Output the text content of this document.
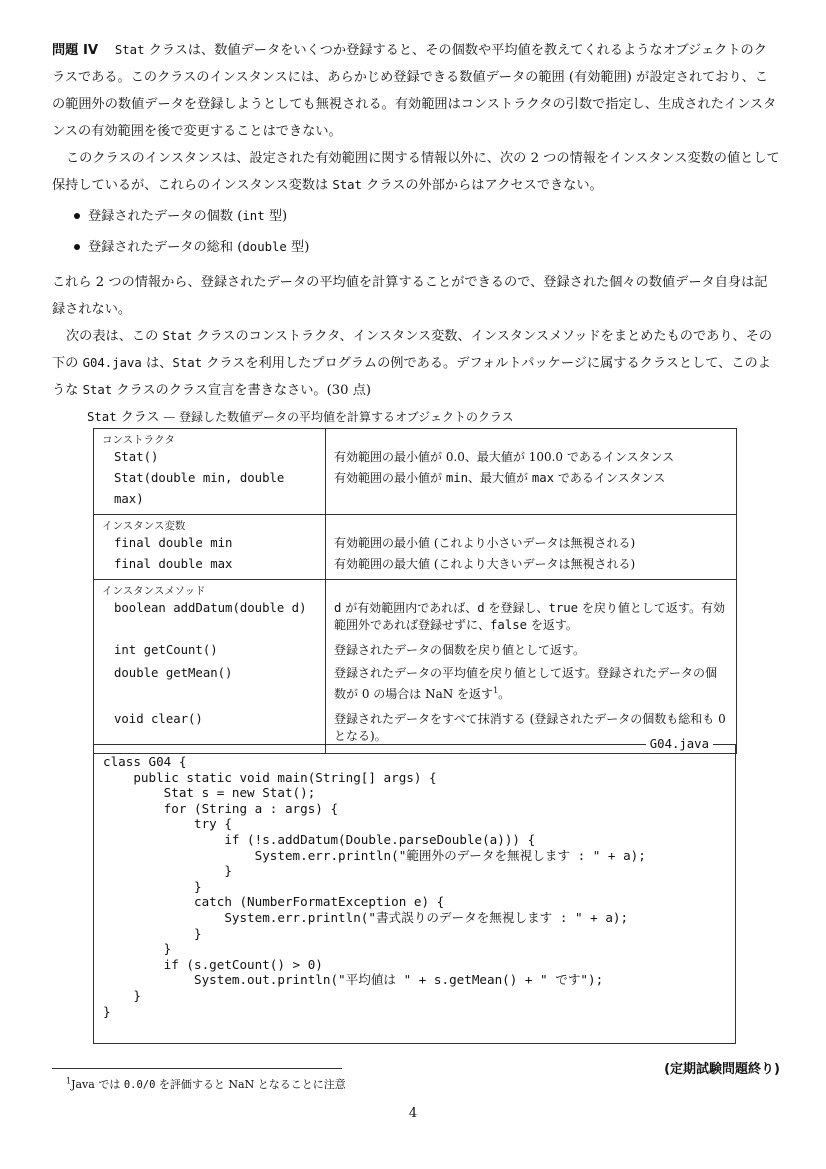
問題 IV Stat クラスは、数値データをいくつか登録すると、その個数や平均値を教えてくれるようなオブジェクトのクラスである。このクラスのインスタンスには、あらかじめ登録できる数値データの範囲 (有効範囲) が設定されており、この範囲外の数値データを登録しようとしても無視される。有効範囲はコンストラクタの引数で指定し、生成されたインスタンスの有効範囲を後で変更することはできない。

このクラスのインスタンスは、設定された有効範囲に関する情報以外に、次の 2 つの情報をインスタンス変数の値として保持しているが、これらのインスタンス変数は Stat クラスの外部からはアクセスできない。

登録されたデータの個数 (int 型)
登録されたデータの総和 (double 型)

これら 2 つの情報から、登録されたデータの平均値を計算することができるので、登録された個々の数値データ自身は記録されない。

次の表は、この Stat クラスのコンストラクタ、インスタンス変数、インスタンスメソッドをまとめたものであり、その下の G04.java は、Stat クラスを利用したプログラムの例である。デフォルトパッケージに属するクラスとして、このような Stat クラスのクラス宣言を書きなさい。(30 点)

Stat クラス — 登録した数値データの平均値を計算するオブジェクトのクラス
コンストラクタ	

Stat()	有効範囲の最小値が 0.0、最大値が 100.0 であるインスタンス

Stat(double min, double max)	有効範囲の最小値が min、最大値が max であるインスタンス

インスタンス変数	

final double min	有効範囲の最小値 (これより小さいデータは無視される)

final double max	有効範囲の最大値 (これより大きいデータは無視される)

インスタンスメソッド	

boolean addDatum(double d)	d が有効範囲内であれば、d を登録し、true を戻り値として返す。有効範囲外であれば登録せずに、false を返す。

int getCount()	登録されたデータの個数を戻り値として返す。

double getMean()	登録されたデータの平均値を戻り値として返す。登録されたデータの個数が 0 の場合は NaN を返す$^1$。

void clear()	登録されたデータをすべて抹消する (登録されたデータの個数も総和も 0 となる)。
G04.java
class G04 {
public static void main(String[] args) {
Stat s = new Stat();
for (String a : args) {
try {
if (!s.addDatum(Double.parseDouble(a))) {
System.err.println("範囲外のデータを無視します : " + a);
}
}
catch (NumberFormatException e) {
System.err.println("書式誤りのデータを無視します : " + a);
}
}
if (s.getCount() > 0)
System.out.println("平均値は " + s.getMean() + " です");
}
}
(定期試験問題終り)
$^1$Java では 0.0/0 を評価すると NaN となることに注意
4
